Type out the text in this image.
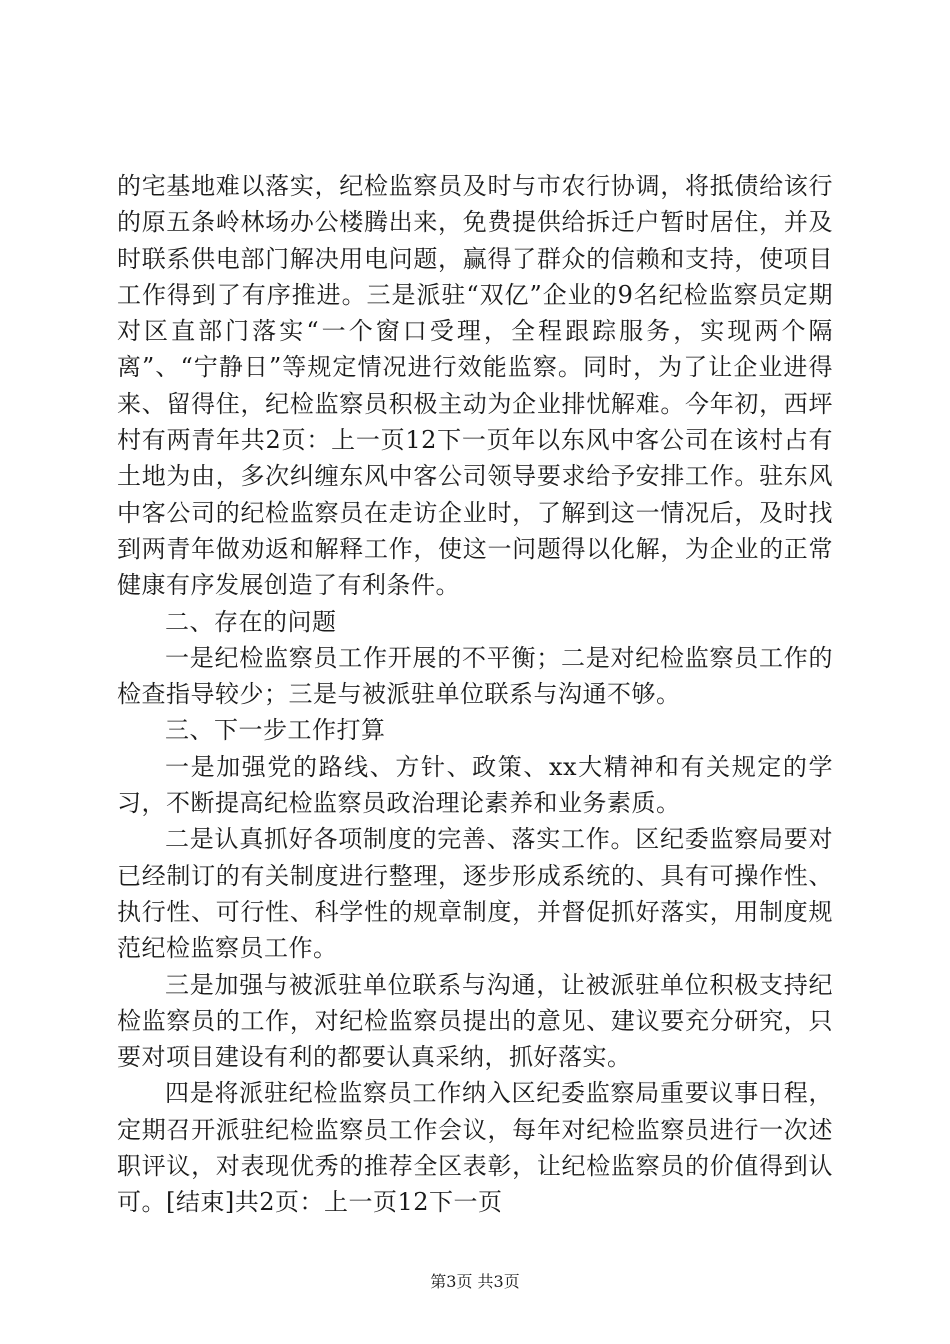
的宅基地难以落实，纪检监察员及时与市农行协调，将抵债给该行的原五条岭林场办公楼腾出来，免费提供给拆迁户暂时居住，并及时联系供电部门解决用电问题，赢得了群众的信赖和支持，使项目工作得到了有序推进。三是派驻“双亿”企业的9名纪检监察员定期对区直部门落实“一个窗口受理，全程跟踪服务，实现两个隔离”、“宁静日”等规定情况进行效能监察。同时，为了让企业进得来、留得住，纪检监察员积极主动为企业排忧解难。今年初，西坪村有两青年共2页：上一页12下一页年以东风中客公司在该村占有土地为由，多次纠缠东风中客公司领导要求给予安排工作。驻东风中客公司的纪检监察员在走访企业时，了解到这一情况后，及时找到两青年做劝返和解释工作，使这一问题得以化解，为企业的正常健康有序发展创造了有利条件。

二、存在的问题

一是纪检监察员工作开展的不平衡；二是对纪检监察员工作的检查指导较少；三是与被派驻单位联系与沟通不够。

三、下一步工作打算

一是加强党的路线、方针、政策、xx大精神和有关规定的学习，不断提高纪检监察员政治理论素养和业务素质。

二是认真抓好各项制度的完善、落实工作。区纪委监察局要对已经制订的有关制度进行整理，逐步形成系统的、具有可操作性、执行性、可行性、科学性的规章制度，并督促抓好落实，用制度规范纪检监察员工作。

三是加强与被派驻单位联系与沟通，让被派驻单位积极支持纪检监察员的工作，对纪检监察员提出的意见、建议要充分研究，只要对项目建设有利的都要认真采纳，抓好落实。

四是将派驻纪检监察员工作纳入区纪委监察局重要议事日程，定期召开派驻纪检监察员工作会议，每年对纪检监察员进行一次述职评议，对表现优秀的推荐全区表彰，让纪检监察员的价值得到认可。[结束]共2页：上一页12下一页

第3页 共3页
